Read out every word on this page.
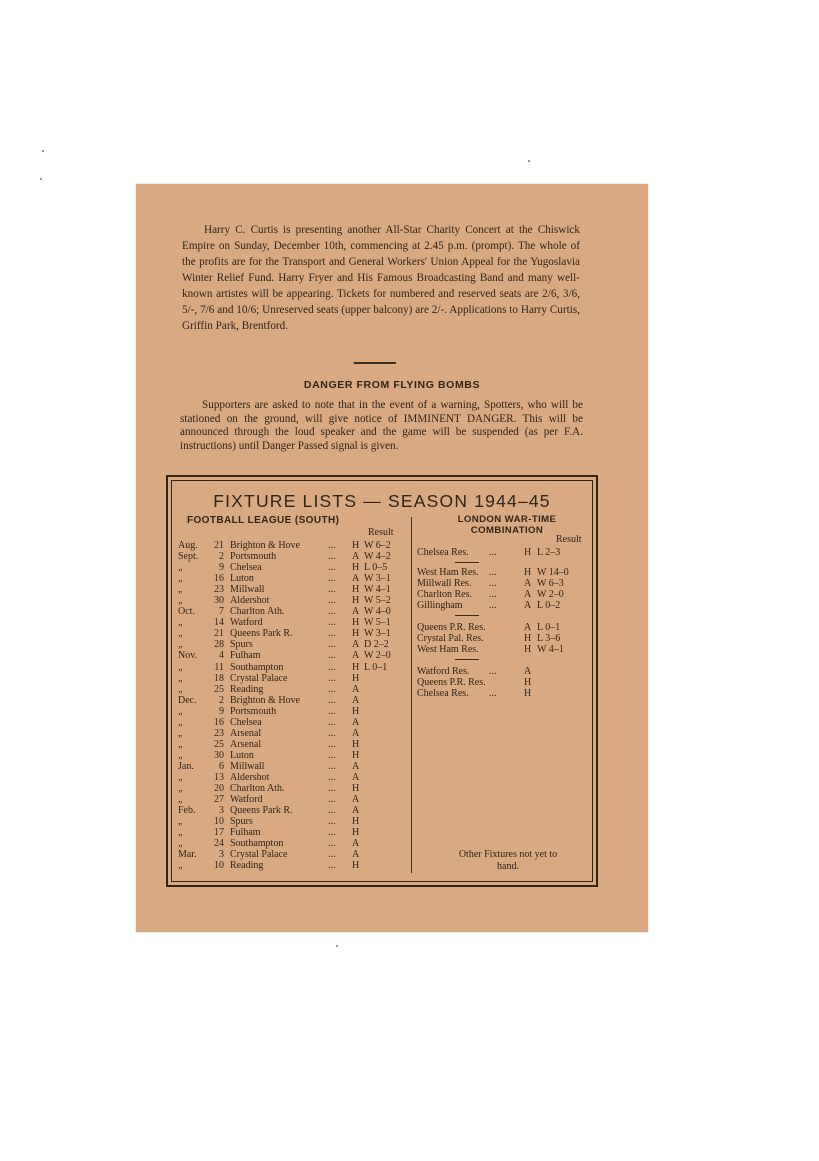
Harry C. Curtis is presenting another All-Star Charity Concert at the Chiswick Empire on Sunday, December 10th, commencing at 2.45 p.m. (prompt). The whole of the profits are for the Transport and General Workers' Union Appeal for the Yugoslavia Winter Relief Fund. Harry Fryer and His Famous Broadcasting Band and many well-known artistes will be appearing. Tickets for numbered and reserved seats are 2/6, 3/6, 5/-, 7/6 and 10/6; Unreserved seats (upper balcony) are 2/-. Applications to Harry Curtis, Griffin Park, Brentford.
DANGER FROM FLYING BOMBS
Supporters are asked to note that in the event of a warning, Spotters, who will be stationed on the ground, will give notice of IMMINENT DANGER. This will be announced through the loud speaker and the game will be suspended (as per F.A. instructions) until Danger Passed signal is given.
FIXTURE LISTS — SEASON 1944–45
FOOTBALL LEAGUE (SOUTH)
Result
LONDON WAR-TIME
COMBINATION
Result
Aug.	21 Brighton & Hove	... H W 6–2
Sept.	2 Portsmouth	... A W 4–2
„	9 Chelsea	... H L 0–5
„	16 Luton	... A W 3–1
„	23 Millwall	... H W 4–1
„	30 Aldershot	... H W 5–2
Oct.	7 Charlton Ath.	... A W 4–0
„	14 Watford	... H W 5–1
„	21 Queens Park R.	... H W 3–1
„	28 Spurs	... A D 2–2
Nov.	4 Fulham	... A W 2–0
„	11 Southampton	... H L 0–1
„	18 Crystal Palace	... H
„	25 Reading	... A
Dec.	2 Brighton & Hove	... A
„	9 Portsmouth	... H
„	16 Chelsea	... A
„	23 Arsenal	... A
„	25 Arsenal	... H
„	30 Luton	... H
Jan.	6 Millwall	... A
„	13 Aldershot	... A
„	20 Charlton Ath.	... H
„	27 Watford	... A
Feb.	3 Queens Park R.	... A
„	10 Spurs	... H
„	17 Fulham	... H
„	24 Southampton	... A
Mar.	3 Crystal Palace	... A
„	10 Reading	... H
Chelsea Res. ...	H L 2–3
West Ham Res. ...	H W 14–0
Millwall Res. ...	A W 6–3
Charlton Res. ...	A W 2–0
Gillingham	...	A L 0–2
Queens P.R. Res.	A L 0–1
Crystal Pal. Res.	H L 3–6
West Ham Res.	H W 4–1
Watford Res. ...	A
Queens P.R. Res.	H
Chelsea Res. ...	H
Other Fixtures not yet to
hand.
